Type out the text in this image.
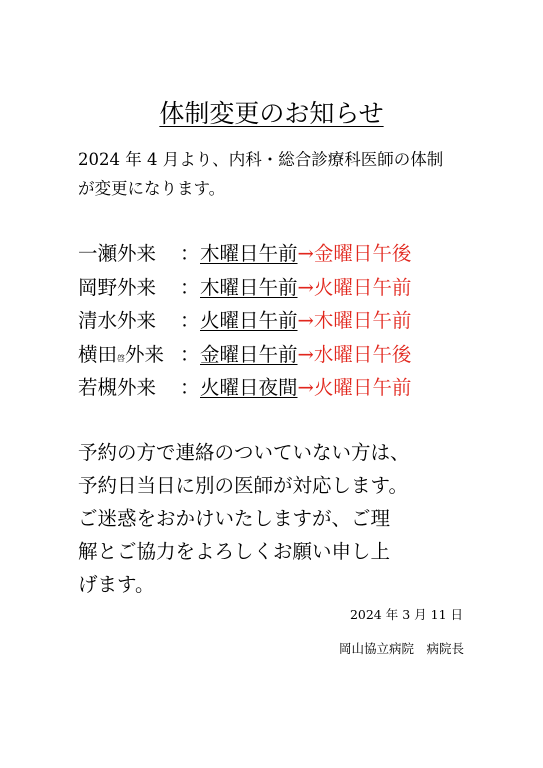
体制変更のお知らせ
2024 年 4 月より、内科・総合診療科医師の体制
が変更になります。
一瀬外来 ：木曜日午前→金曜日午後
岡野外来 ：木曜日午前→火曜日午前
清水外来 ：火曜日午前→木曜日午前
横田啓外来 ：金曜日午前→水曜日午後
若槻外来 ：火曜日夜間→火曜日午前

予約の方で連絡のついていない方は、

予約日当日に別の医師が対応します。

ご迷惑をおかけいたしますが、ご理

解とご協力をよろしくお願い申し上

げます。

2024 年 3 月 11 日
岡山協立病院　病院長
